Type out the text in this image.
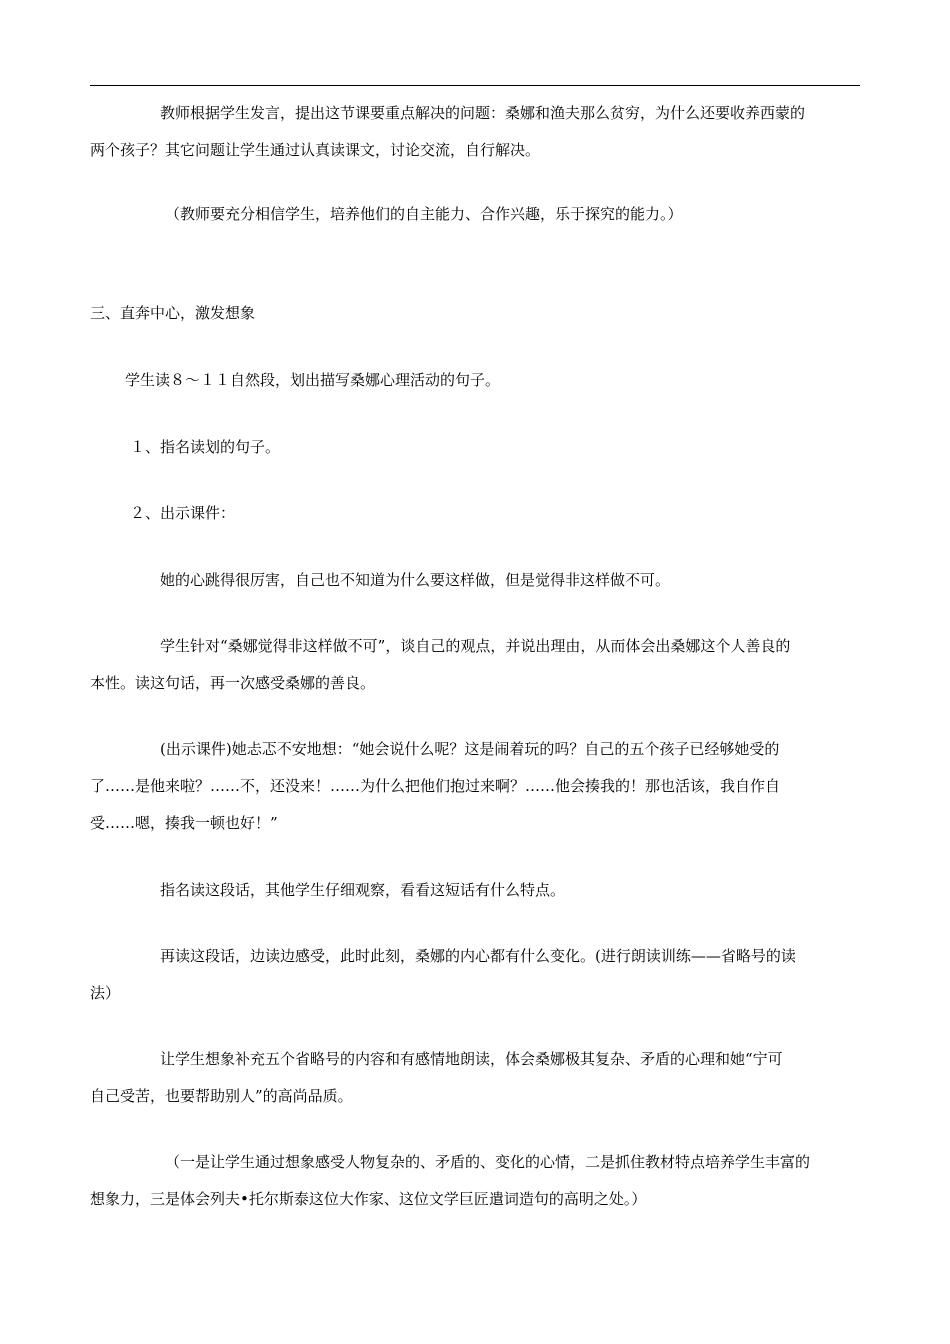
教师根据学生发言，提出这节课要重点解决的问题：桑娜和渔夫那么贫穷，为什么还要收养西蒙的
两个孩子？其它问题让学生通过认真读课文，讨论交流，自行解决。
（教师要充分相信学生，培养他们的自主能力、合作兴趣，乐于探究的能力。）
三、直奔中心，激发想象
学生读８～１１自然段，划出描写桑娜心理活动的句子。
１、指名读划的句子。
２、出示课件：
她的心跳得很厉害，自己也不知道为什么要这样做，但是觉得非这样做不可。
学生针对“桑娜觉得非这样做不可”，谈自己的观点，并说出理由，从而体会出桑娜这个人善良的
本性。读这句话，再一次感受桑娜的善良。
(出示课件)她忐忑不安地想：“她会说什么呢？这是闹着玩的吗？自己的五个孩子已经够她受的
了……是他来啦？……不，还没来！……为什么把他们抱过来啊？……他会揍我的！那也活该，我自作自
受……嗯，揍我一顿也好！”
指名读这段话，其他学生仔细观察，看看这短话有什么特点。
再读这段话，边读边感受，此时此刻，桑娜的内心都有什么变化。(进行朗读训练——省略号的读
法）
让学生想象补充五个省略号的内容和有感情地朗读，体会桑娜极其复杂、矛盾的心理和她“宁可
自己受苦，也要帮助别人”的高尚品质。
（一是让学生通过想象感受人物复杂的、矛盾的、变化的心情，二是抓住教材特点培养学生丰富的
想象力，三是体会列夫•托尔斯泰这位大作家、这位文学巨匠遣词造句的高明之处。）
